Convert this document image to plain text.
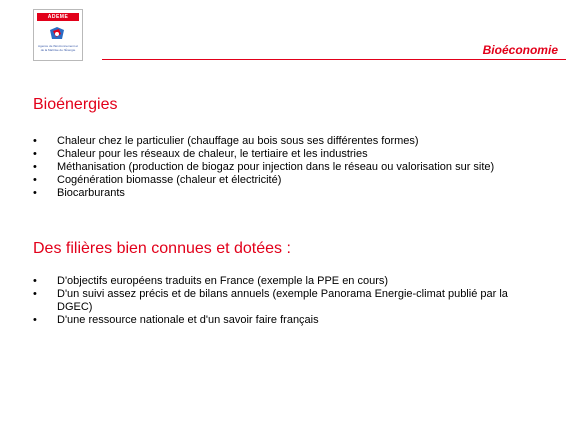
ADEME
Agence de l'Environnement et de la Maîtrise de l'Énergie	Bioéconomie
Bioénergies
• Chaleur chez le particulier (chauffage au bois sous ses différentes formes)
• Chaleur pour les réseaux de chaleur, le tertiaire et les industries
• Méthanisation (production de biogaz pour injection dans le réseau ou valorisation sur site)
• Cogénération biomasse (chaleur et électricité)
• Biocarburants
Des filières bien connues et dotées :
• D'objectifs européens traduits en France (exemple la PPE en cours)
• D'un suivi assez précis et de bilans annuels (exemple Panorama Energie-climat publié par la DGEC)
• D'une ressource nationale et d'un savoir faire français
